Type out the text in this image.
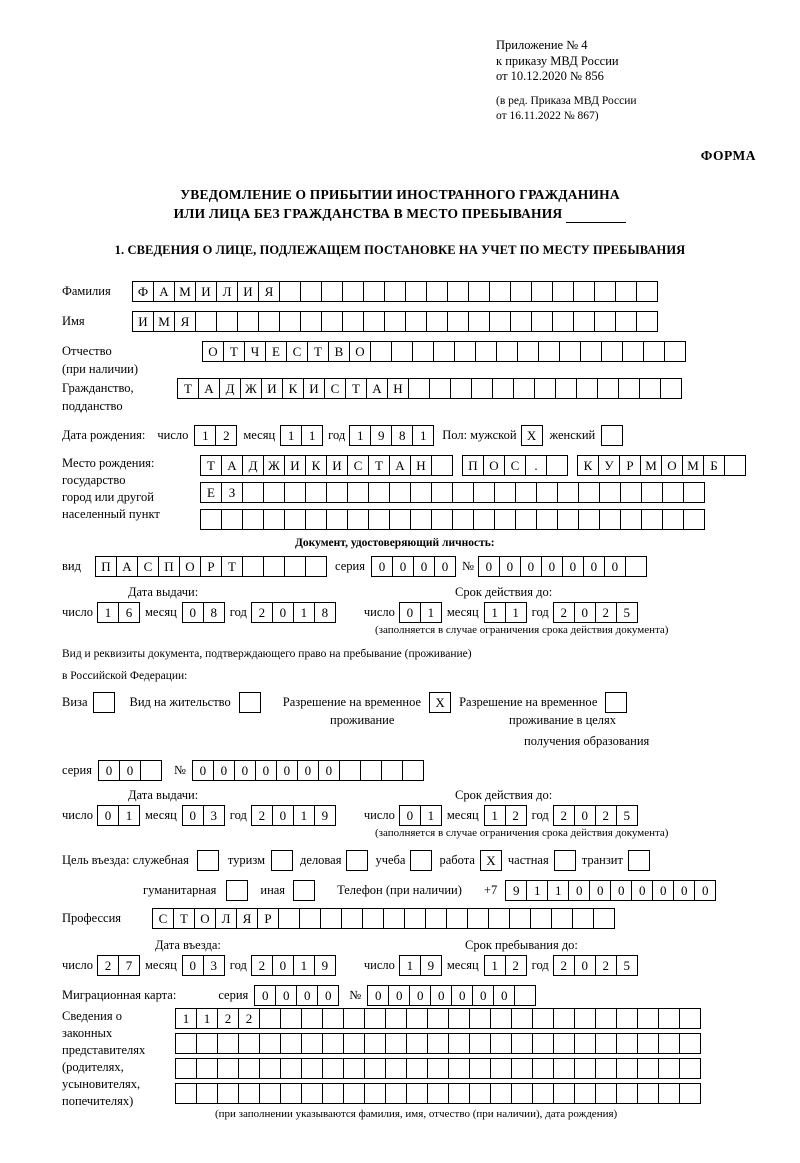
Приложение № 4
к приказу МВД России
от 10.12.2020 № 856
(в ред. Приказа МВД России
от 16.11.2022 № 867)
ФОРМА
УВЕДОМЛЕНИЕ О ПРИБЫТИИ ИНОСТРАННОГО ГРАЖДАНИНА
ИЛИ ЛИЦА БЕЗ ГРАЖДАНСТВА В МЕСТО ПРЕБЫВАНИЯ
1. СВЕДЕНИЯ О ЛИЦЕ, ПОДЛЕЖАЩЕМ ПОСТАНОВКЕ НА УЧЕТ ПО МЕСТУ ПРЕБЫВАНИЯ
Фамилия	Ф А М И Л И Я
Имя	И М Я
Отчество	О Т Ч Е С Т В О
(при наличии)
Гражданство,	Т А Д Ж И К И С Т А Н
подданство
Дата рождения: число	1	2	месяц 1	1	год 1	9	8	1	Пол: мужской X	женский
Место рождения:
государство
город или другой
населенный пункт
Т А Д Ж И К И С Т А Н	П О С	.	К У Р М О М Б
Е	З
Документ, удостоверяющий личность:
вид	П А С П О Р	Т	серия	0	0	0	0	№ 0	0	0	0	0	0	0
Дата выдачи:	Срок действия до:
число 1	6	месяц 0	8	год 2	0	1	8	число 0	1	месяц 1	1	год 2	0	2	5
(заполняется в случае ограничения срока действия документа)
Вид и реквизиты документа, подтверждающего право на пребывание (проживание)
в Российской Федерации:
Виза	Вид на жительство	Разрешение на временное	X	Разрешение на временное
проживание	проживание в целях
получения образования
серия	0	0	№	0	0	0	0	0	0	0
Дата выдачи:	Срок действия до:
число 0	1	месяц 0	3	год 2	0	1	9	число 0	1	месяц 1	2	год 2	0	2	5
(заполняется в случае ограничения срока действия документа)
Цель въезда: служебная	туризм	деловая	учеба	работа X частная	транзит
гуманитарная	иная	Телефон (при наличии) +7	9	1	1	0	0	0	0	0	0	0
Профессия	С Т О Л Я	Р
Дата въезда:	Срок пребывания до:
число 2	7	месяц 0	3	год 2	0	1	9	число 1	9	месяц 1	2	год 2	0	2	5
Миграционная карта:	серия	0	0	0	0	№	0	0	0	0	0	0	0
Сведения о
законных
представителях
(родителях,
усыновителях,
попечителях)
1	1	2	2
(при заполнении указываются фамилия, имя, отчество (при наличии), дата рождения)
